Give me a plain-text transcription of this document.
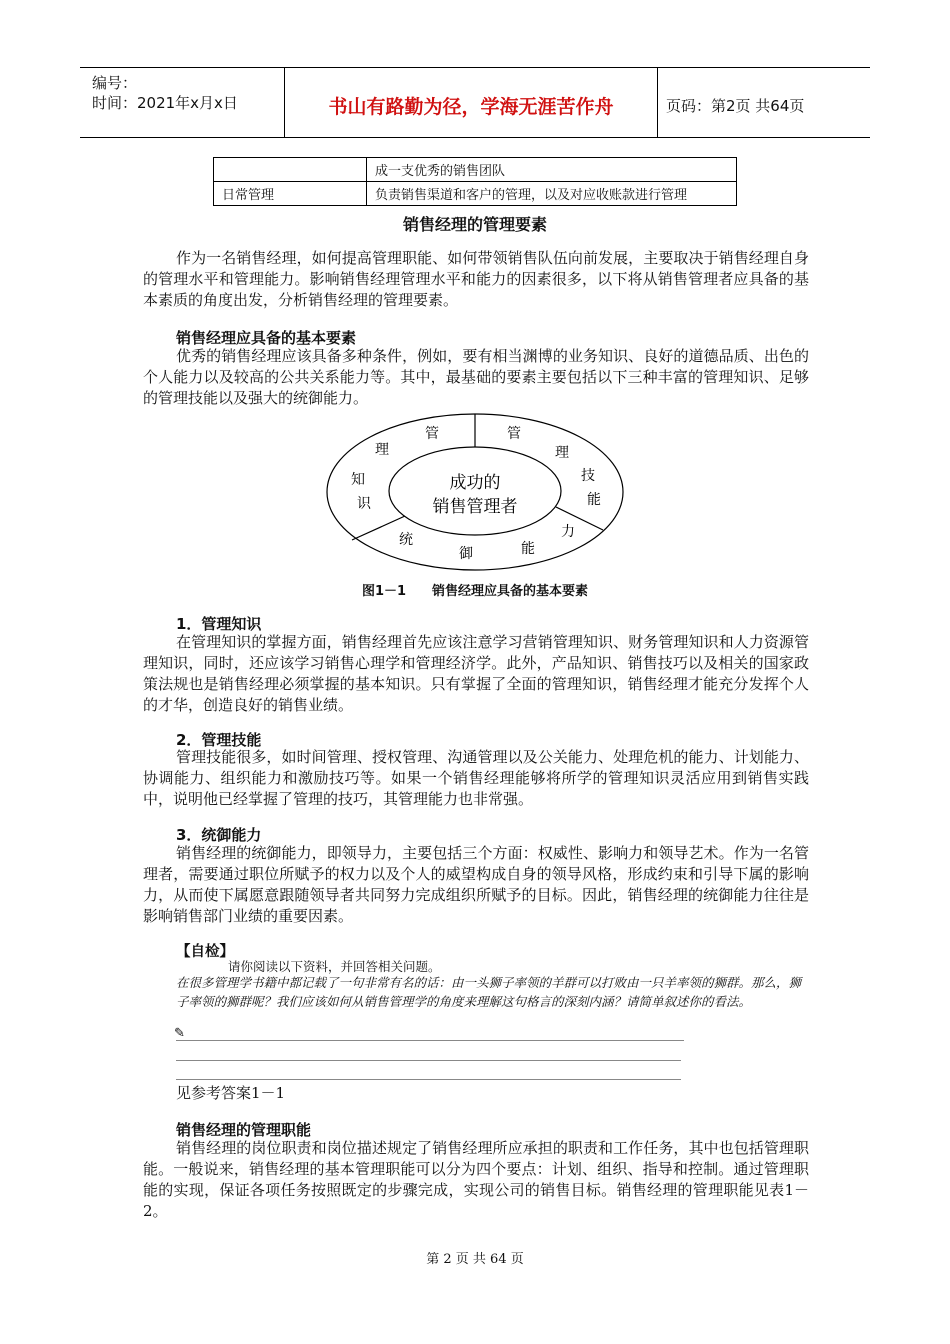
编号：
时间：2021年x月x日	书山有路勤为径，学海无涯苦作舟	页码：第2页 共64页
	成一支优秀的销售团队
日常管理	负责销售渠道和客户的管理，以及对应收账款进行管理
销售经理的管理要素

作为一名销售经理，如何提高管理职能、如何带领销售队伍向前发展，主要取决于销售经理自身的管理水平和管理能力。影响销售经理管理水平和能力的因素很多，以下将从销售管理者应具备的基本素质的角度出发，分析销售经理的管理要素。

销售经理应具备的基本要素

优秀的销售经理应该具备多种条件，例如，要有相当渊博的业务知识、良好的道德品质、出色的个人能力以及较高的公共关系能力等。其中，最基础的要素主要包括以下三种丰富的管理知识、足够的管理技能以及强大的统御能力。

成功的
销售管理者
管
理
知
识
管
理
技
能
力
能
御
统
图1－1　　销售经理应具备的基本要素
1．管理知识

在管理知识的掌握方面，销售经理首先应该注意学习营销管理知识、财务管理知识和人力资源管理知识，同时，还应该学习销售心理学和管理经济学。此外，产品知识、销售技巧以及相关的国家政策法规也是销售经理必须掌握的基本知识。只有掌握了全面的管理知识，销售经理才能充分发挥个人的才华，创造良好的销售业绩。

2．管理技能

管理技能很多，如时间管理、授权管理、沟通管理以及公关能力、处理危机的能力、计划能力、协调能力、组织能力和激励技巧等。如果一个销售经理能够将所学的管理知识灵活应用到销售实践中，说明他已经掌握了管理的技巧，其管理能力也非常强。

3．统御能力

销售经理的统御能力，即领导力，主要包括三个方面：权威性、影响力和领导艺术。作为一名管理者，需要通过职位所赋予的权力以及个人的威望构成自身的领导风格，形成约束和引导下属的影响力，从而使下属愿意跟随领导者共同努力完成组织所赋予的目标。因此，销售经理的统御能力往往是影响销售部门业绩的重要因素。

【自检】
请你阅读以下资料，并回答相关问题。

在很多管理学书籍中都记载了一句非常有名的话：由一头狮子率领的羊群可以打败由一只羊率领的狮群。那么，狮子率领的狮群呢？我们应该如何从销售管理学的角度来理解这句格言的深刻内涵？请简单叙述你的看法。

✎
见参考答案1－1
销售经理的管理职能

销售经理的岗位职责和岗位描述规定了销售经理所应承担的职责和工作任务，其中也包括管理职能。一般说来，销售经理的基本管理职能可以分为四个要点：计划、组织、指导和控制。通过管理职能的实现，保证各项任务按照既定的步骤完成，实现公司的销售目标。销售经理的管理职能见表1－2。

第 2 页 共 64 页
